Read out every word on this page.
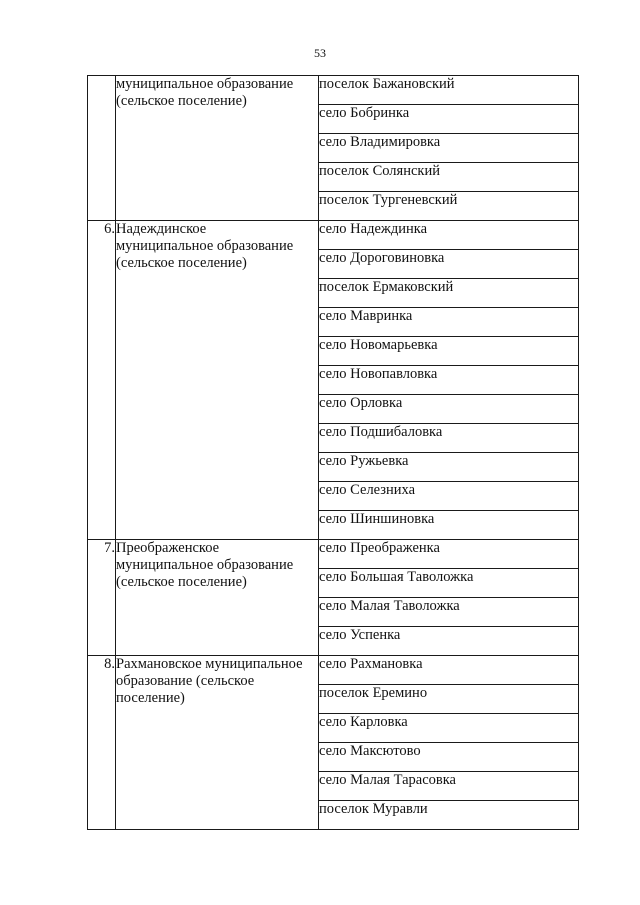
53

	муниципальное образование
(сельское поселение)	поселок Бажановский
		село Бобринка
		село Владимировка
		поселок Солянский
		поселок Тургеневский
6.	Надеждинское
муниципальное образование
(сельское поселение)	село Надеждинка
		село Дороговиновка
		поселок Ермаковский
		село Мавринка
		село Новомарьевка
		село Новопавловка
		село Орловка
		село Подшибаловка
		село Ружьевка
		село Селезниха
		село Шиншиновка
7.	Преображенское
муниципальное образование
(сельское поселение)	село Преображенка
		село Большая Таволожка
		село Малая Таволожка
		село Успенка
8.	Рахмановское муниципальное
образование (сельское
поселение)	село Рахмановка
		поселок Еремино
		село Карловка
		село Максютово
		село Малая Тарасовка
		поселок Муравли
